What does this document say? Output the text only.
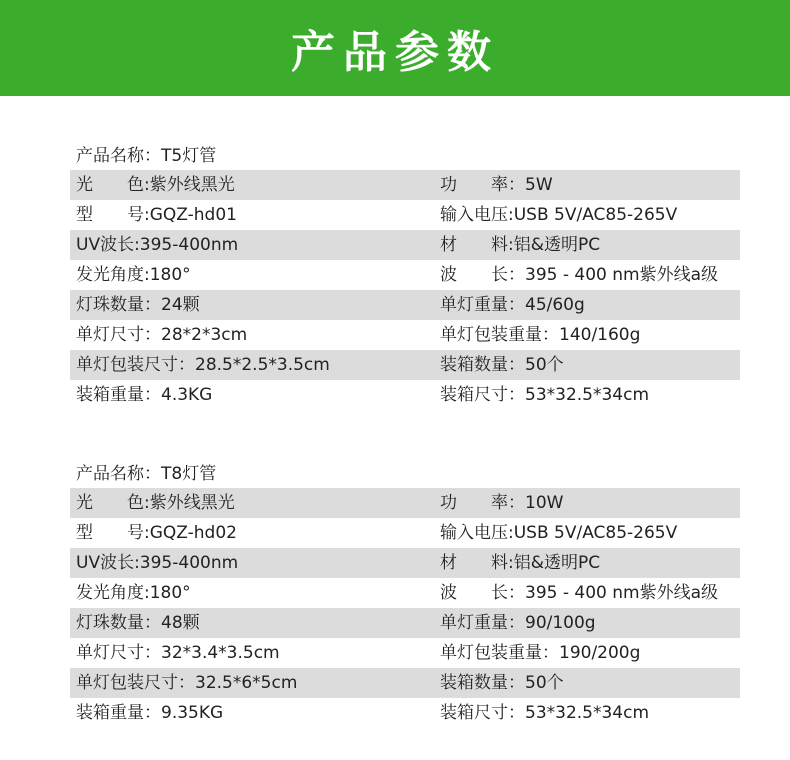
产品参数
产品名称：T5灯管
光　　色:紫外线黑光	功　　率：5W
型　　号:GQZ-hd01	输入电压:USB 5V/AC85-265V
UV波长:395-400nm	材　　料:铝&透明PC
发光角度:180°	波　　长：395 - 400 nm紫外线a级
灯珠数量：24颗	单灯重量：45/60g
单灯尺寸：28*2*3cm	单灯包装重量：140/160g
单灯包装尺寸：28.5*2.5*3.5cm	装箱数量：50个
装箱重量：4.3KG	装箱尺寸：53*32.5*34cm
产品名称：T8灯管
光　　色:紫外线黑光	功　　率：10W
型　　号:GQZ-hd02	输入电压:USB 5V/AC85-265V
UV波长:395-400nm	材　　料:铝&透明PC
发光角度:180°	波　　长：395 - 400 nm紫外线a级
灯珠数量：48颗	单灯重量：90/100g
单灯尺寸：32*3.4*3.5cm	单灯包装重量：190/200g
单灯包装尺寸：32.5*6*5cm	装箱数量：50个
装箱重量：9.35KG	装箱尺寸：53*32.5*34cm
